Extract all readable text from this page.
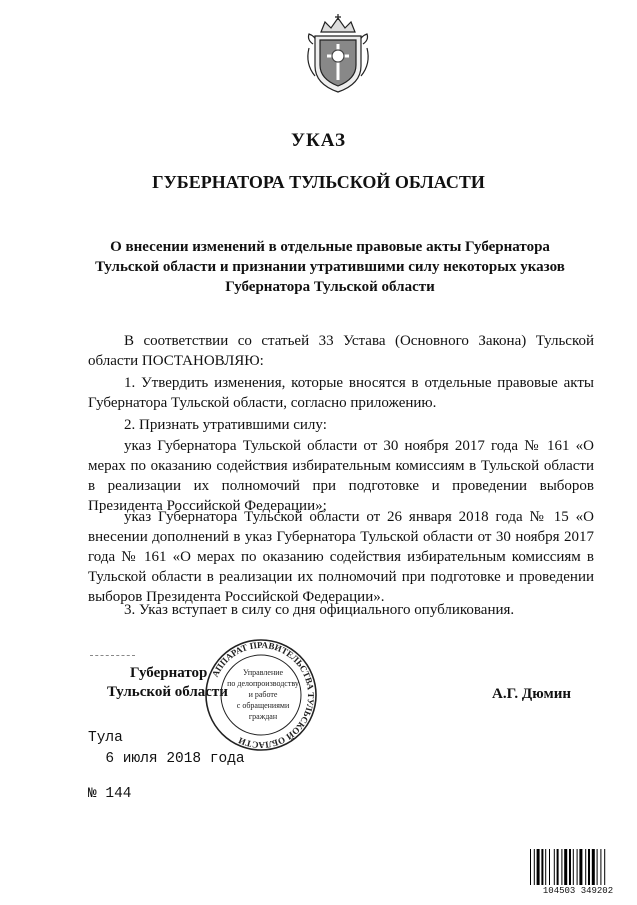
УКАЗ
ГУБЕРНАТОРА ТУЛЬСКОЙ ОБЛАСТИ
О внесении изменений в отдельные правовые акты Губернатора
Тульской области и признании утратившими силу некоторых указов
Губернатора Тульской области

В соответствии со статьей 33 Устава (Основного Закона) Тульской области ПОСТАНОВЛЯЮ:

1. Утвердить изменения, которые вносятся в отдельные правовые акты Губернатора Тульской области, согласно приложению.

2. Признать утратившими силу:

указ Губернатора Тульской области от 30 ноября 2017 года № 161 «О мерах по оказанию содействия избирательным комиссиям в Тульской области в реализации их полномочий при подготовке и проведении выборов Президента Российской Федерации»;

указ Губернатора Тульской области от 26 января 2018 года № 15 «О внесении дополнений в указ Губернатора Тульской области от 30 ноября 2017 года № 161 «О мерах по оказанию содействия избирательным комиссиям в Тульской области в реализации их полномочий при подготовке и проведении выборов Президента Российской Федерации».

3. Указ вступает в силу со дня официального опубликования.

Губернатор
Тульской области	А.Г. Дюмин
АППАРАТ ПРАВИТЕЛЬСТВА ТУЛЬСКОЙ ОБЛАСТИ
Управление
по делопроизводству
и работе
с обращениями
граждан
Тула
6 июля 2018 года
№ 144
104503 349202
